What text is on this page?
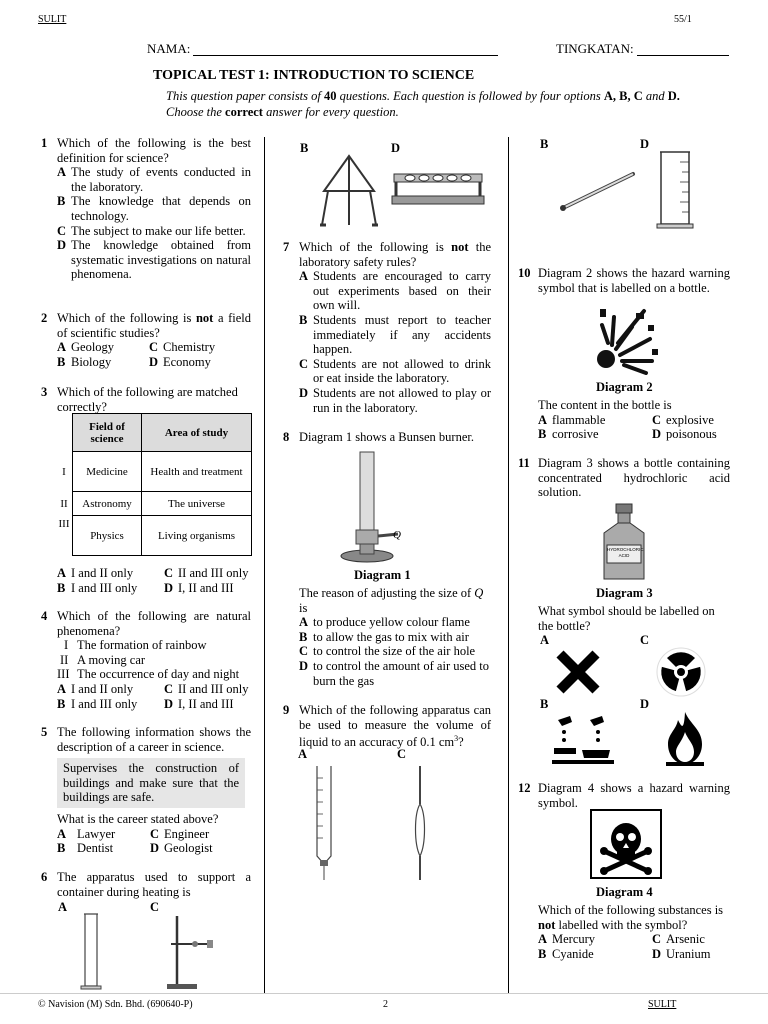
SULIT	55/1
NAMA:	TINGKATAN:
TOPICAL TEST 1: INTRODUCTION TO SCIENCE
This question paper consists of 40 questions. Each question is followed by four options A, B, C and D.
Choose the correct answer for every question.
1 Which of the following is the best definition for science?
A The study of events conducted in the laboratory.
B The knowledge that depends on technology.
C The subject to make our life better.
D The knowledge obtained from systematic investigations on natural phenomena.
2 Which of the following is not a field of scientific studies?
A Geology	C Chemistry
B Biology	D Economy
3 Which of the following are matched correctly?
	Field of science	Area of study
I	Medicine	Health and treatment
II	Astronomy	The universe
III	Physics	Living organisms
A I and II only	C II and III only
B I and III only	D I, II and III
4 Which of the following are natural phenomena?
I The formation of rainbow
II A moving car
III The occurrence of day and night
A I and II only	C II and III only
B I and III only	D I, II and III
5 The following information shows the description of a career in science.
Supervises the construction of buildings and make sure that the buildings are safe.
What is the career stated above?
A Lawyer	C Engineer
B Dentist	D Geologist
6 The apparatus used to support a container during heating is
A	C
B	D
7 Which of the following is not the laboratory safety rules?
A Students are encouraged to carry out experiments based on their own will.
B Students must report to teacher immediately if any accidents happen.
C Students are not allowed to drink or eat inside the laboratory.
D Students are not allowed to play or run in the laboratory.
8 Diagram 1 shows a Bunsen burner.
Q
Diagram 1
The reason of adjusting the size of Q is
A to produce yellow colour flame
B to allow the gas to mix with air
C to control the size of the air hole
D to control the amount of air used to burn the gas
9 Which of the following apparatus can be used to measure the volume of liquid to an accuracy of 0.1 $cm^3$?
A	C
B	D
10 Diagram 2 shows the hazard warning symbol that is labelled on a bottle.
Diagram 2
The content in the bottle is
A flammable	C explosive
B corrosive	D poisonous
11 Diagram 3 shows a bottle containing concentrated hydrochloric acid solution.
HYDROCHLORIC
ACID
Diagram 3
What symbol should be labelled on the bottle?
A	C
B	D
12 Diagram 4 shows a hazard warning symbol.
Diagram 4
Which of the following substances is
not labelled with the symbol?
A Mercury	C Arsenic
B Cyanide	D Uranium
© Navision (M) Sdn. Bhd. (690640-P)	2	SULIT
